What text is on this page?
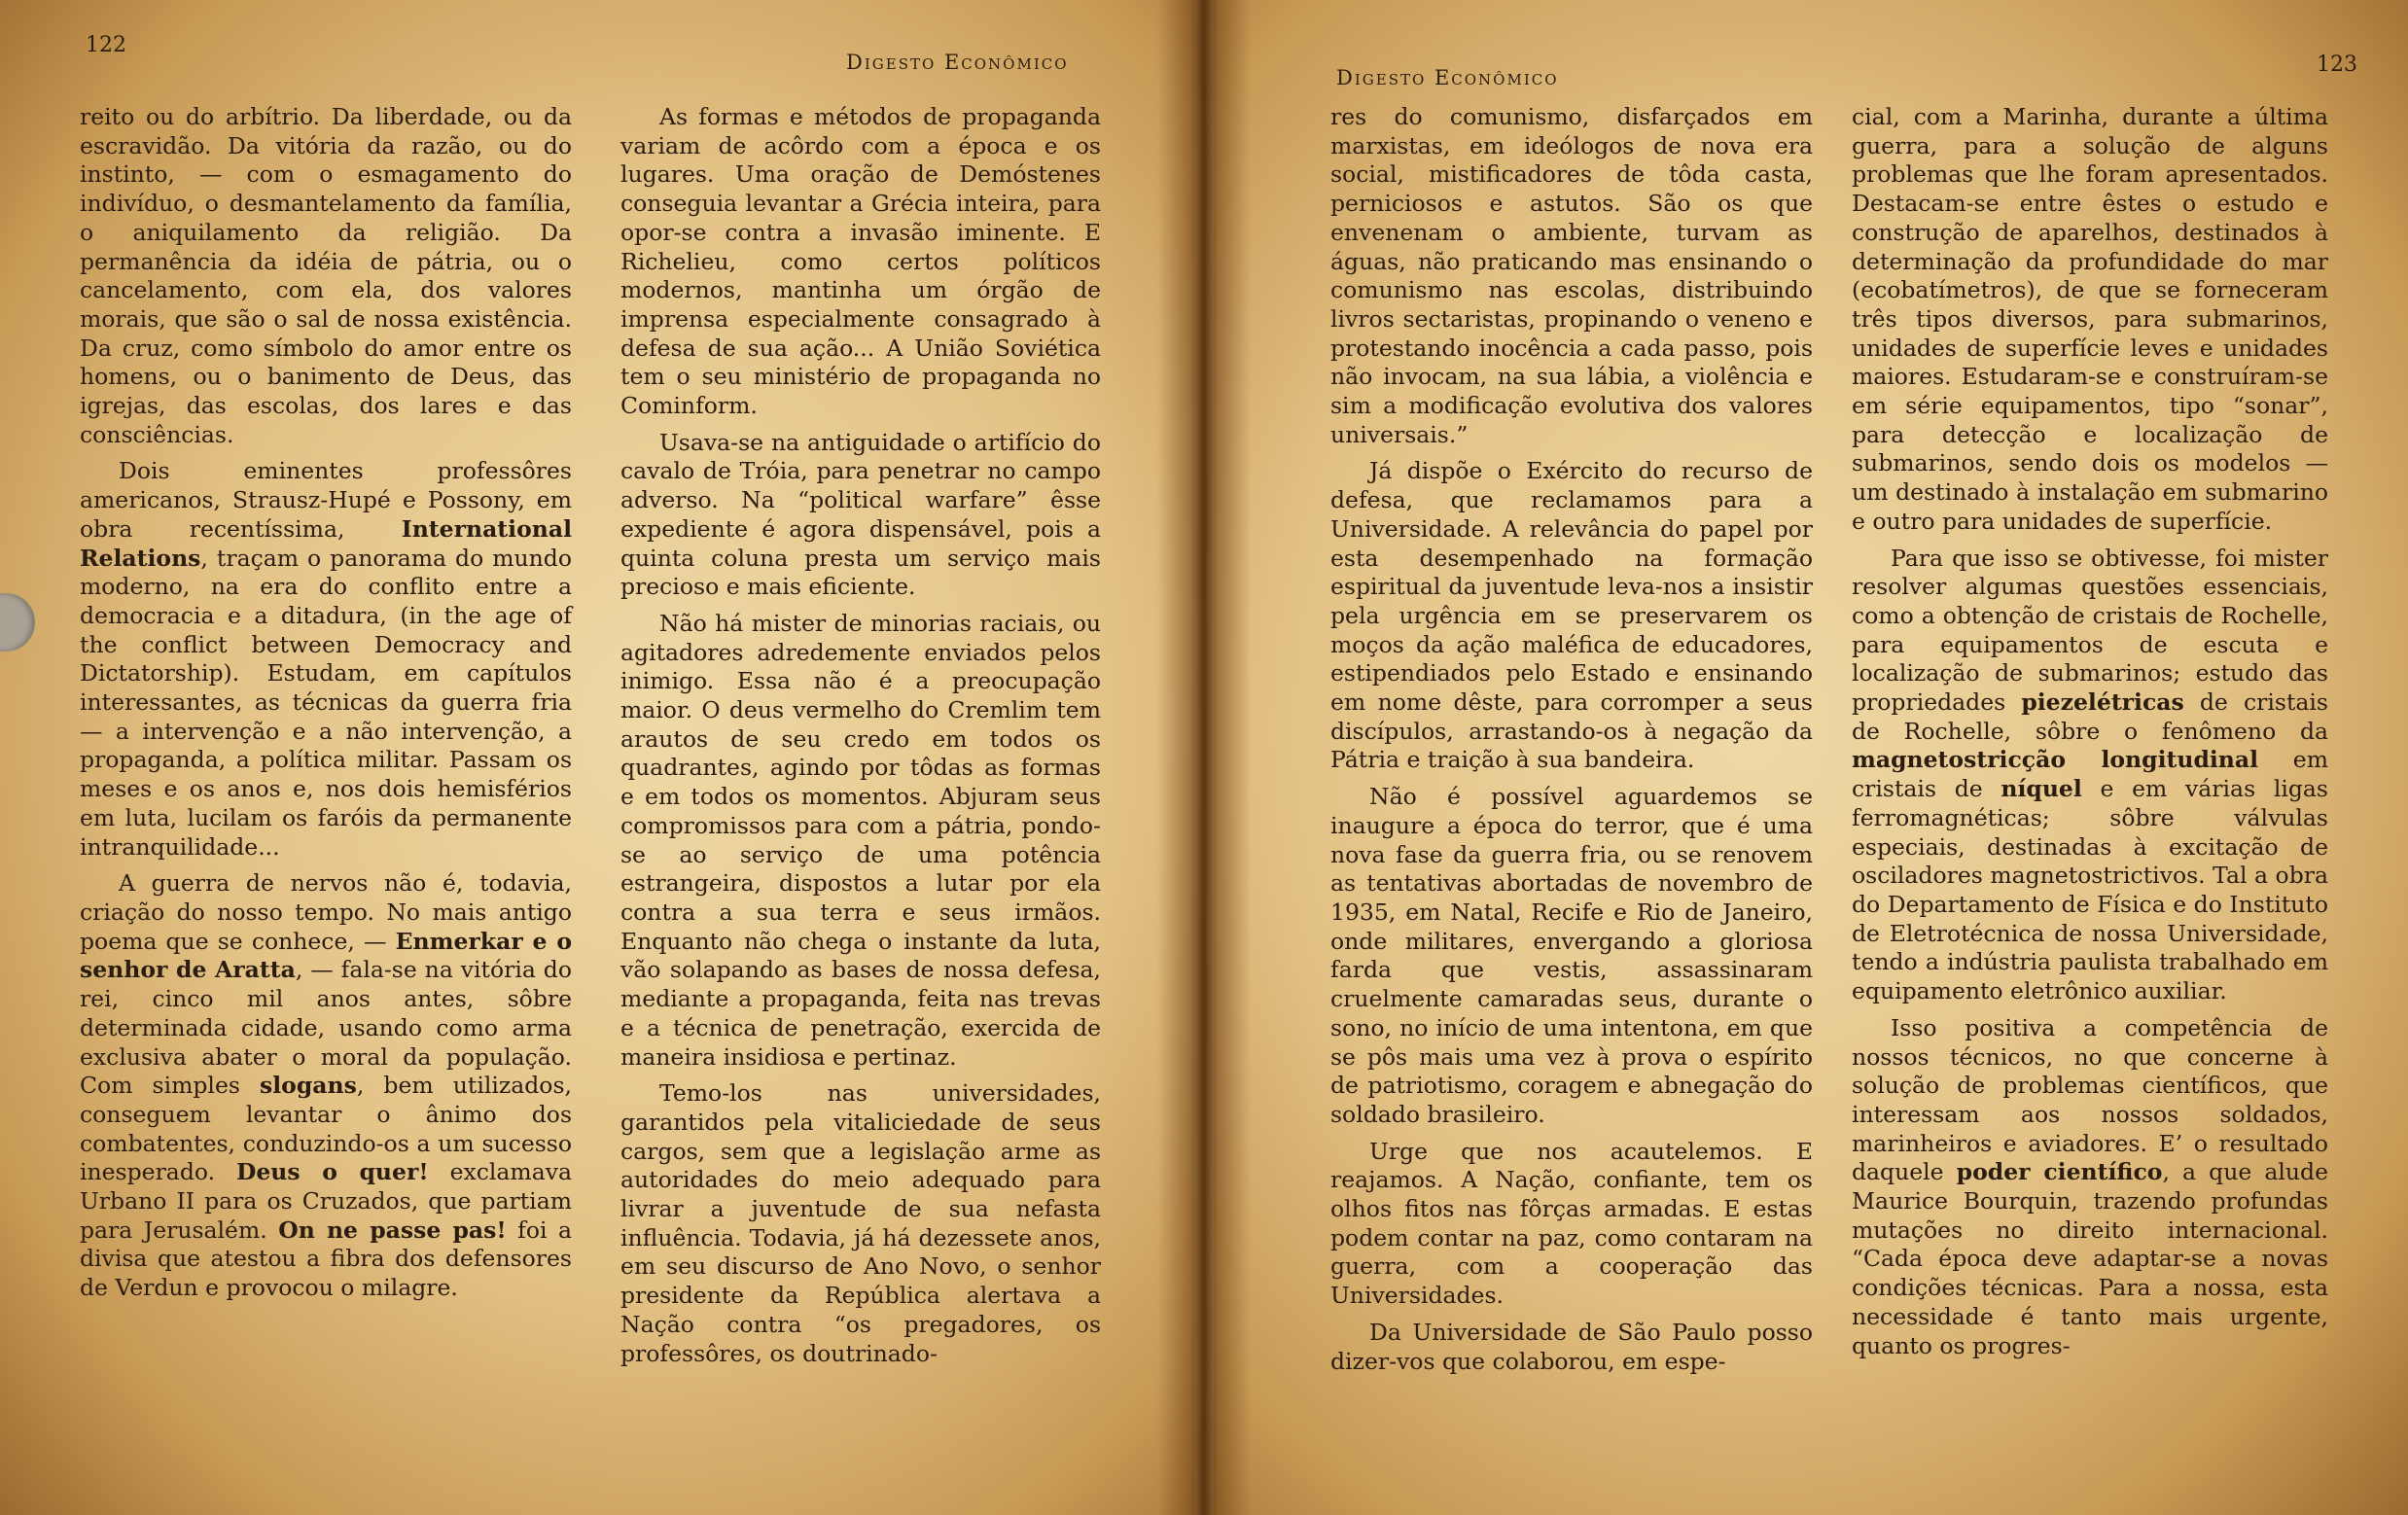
122
Digesto Econômico

reito ou do arbítrio. Da liberdade, ou da escravidão. Da vitória da razão, ou do instinto, — com o esmagamento do indivíduo, o desmantelamento da família, o aniquilamento da religião. Da permanência da idéia de pátria, ou o cancelamento, com ela, dos valores morais, que são o sal de nossa existência. Da cruz, como símbolo do amor entre os homens, ou o banimento de Deus, das igrejas, das escolas, dos lares e das consciências.

Dois eminentes professôres americanos, Strausz-Hupé e Possony, em obra recentíssima, International Relations, traçam o panorama do mundo moderno, na era do conflito entre a democracia e a ditadura, (in the age of the conflict between Democracy and Dictatorship). Estudam, em capítulos interessantes, as técnicas da guerra fria — a intervenção e a não intervenção, a propaganda, a política militar. Passam os meses e os anos e, nos dois hemisférios em luta, lucilam os faróis da permanente intranquilidade...

A guerra de nervos não é, todavia, criação do nosso tempo. No mais antigo poema que se conhece, — Enmerkar e o senhor de Aratta, — fala-se na vitória do rei, cinco mil anos antes, sôbre determinada cidade, usando como arma exclusiva abater o moral da população. Com simples slogans, bem utilizados, conseguem levantar o ânimo dos combatentes, conduzindo-os a um sucesso inesperado. Deus o quer! exclamava Urbano II para os Cruzados, que partiam para Jerusalém. On ne passe pas! foi a divisa que atestou a fibra dos defensores de Verdun e provocou o milagre.

As formas e métodos de propaganda variam de acôrdo com a época e os lugares. Uma oração de Demóstenes conseguia levantar a Grécia inteira, para opor-se contra a invasão iminente. E Richelieu, como certos políticos modernos, mantinha um órgão de imprensa especialmente consagrado à defesa de sua ação... A União Soviética tem o seu ministério de propaganda no Cominform.

Usava-se na antiguidade o artifício do cavalo de Tróia, para penetrar no campo adverso. Na “political warfare” êsse expediente é agora dispensável, pois a quinta coluna presta um serviço mais precioso e mais eficiente.

Não há mister de minorias raciais, ou agitadores adredemente enviados pelos inimigo. Essa não é a preocupação maior. O deus vermelho do Cremlim tem arautos de seu credo em todos os quadrantes, agindo por tôdas as formas e em todos os momentos. Abjuram seus compromissos para com a pátria, pondo-se ao serviço de uma potência estrangeira, dispostos a lutar por ela contra a sua terra e seus irmãos. Enquanto não chega o instante da luta, vão solapando as bases de nossa defesa, mediante a propaganda, feita nas trevas e a técnica de penetração, exercida de maneira insidiosa e pertinaz.

Temo-los nas universidades, garantidos pela vitaliciedade de seus cargos, sem que a legislação arme as autoridades do meio adequado para livrar a juventude de sua nefasta influência. Todavia, já há dezessete anos, em seu discurso de Ano Novo, o senhor presidente da República alertava a Nação contra “os pregadores, os professôres, os doutrinado-

Digesto Econômico
123

res do comunismo, disfarçados em marxistas, em ideólogos de nova era social, mistificadores de tôda casta, perniciosos e astutos. São os que envenenam o ambiente, turvam as águas, não praticando mas ensinando o comunismo nas escolas, distribuindo livros sectaristas, propinando o veneno e protestando inocência a cada passo, pois não invocam, na sua lábia, a violência e sim a modificação evolutiva dos valores universais.”

Já dispõe o Exército do recurso de defesa, que reclamamos para a Universidade. A relevância do papel por esta desempenhado na formação espiritual da juventude leva-nos a insistir pela urgência em se preservarem os moços da ação maléfica de educadores, estipendiados pelo Estado e ensinando em nome dêste, para corromper a seus discípulos, arrastando-os à negação da Pátria e traição à sua bandeira.

Não é possível aguardemos se inaugure a época do terror, que é uma nova fase da guerra fria, ou se renovem as tentativas abortadas de novembro de 1935, em Natal, Recife e Rio de Janeiro, onde militares, envergando a gloriosa farda que vestis, assassinaram cruelmente camaradas seus, durante o sono, no início de uma intentona, em que se pôs mais uma vez à prova o espírito de patriotismo, coragem e abnegação do soldado brasileiro.

Urge que nos acautelemos. E reajamos. A Nação, confiante, tem os olhos fitos nas fôrças armadas. E estas podem contar na paz, como contaram na guerra, com a cooperação das Universidades.

Da Universidade de São Paulo posso dizer-vos que colaborou, em espe-

cial, com a Marinha, durante a última guerra, para a solução de alguns problemas que lhe foram apresentados. Destacam-se entre êstes o estudo e construção de aparelhos, destinados à determinação da profundidade do mar (ecobatímetros), de que se forneceram três tipos diversos, para submarinos, unidades de superfície leves e unidades maiores. Estudaram-se e construíram-se em série equipamentos, tipo “sonar”, para detecção e localização de submarinos, sendo dois os modelos — um destinado à instalação em submarino e outro para unidades de superfície.

Para que isso se obtivesse, foi mister resolver algumas questões essenciais, como a obtenção de cristais de Rochelle, para equipamentos de escuta e localização de submarinos; estudo das propriedades piezelétricas de cristais de Rochelle, sôbre o fenômeno da magnetostricção longitudinal em cristais de níquel e em várias ligas ferromagnéticas; sôbre válvulas especiais, destinadas à excitação de osciladores magnetostrictivos. Tal a obra do Departamento de Física e do Instituto de Eletrotécnica de nossa Universidade, tendo a indústria paulista trabalhado em equipamento eletrônico auxiliar.

Isso positiva a competência de nossos técnicos, no que concerne à solução de problemas científicos, que interessam aos nossos soldados, marinheiros e aviadores. E’ o resultado daquele poder científico, a que alude Maurice Bourquin, trazendo profundas mutações no direito internacional. “Cada época deve adaptar-se a novas condições técnicas. Para a nossa, esta necessidade é tanto mais urgente, quanto os progres-
